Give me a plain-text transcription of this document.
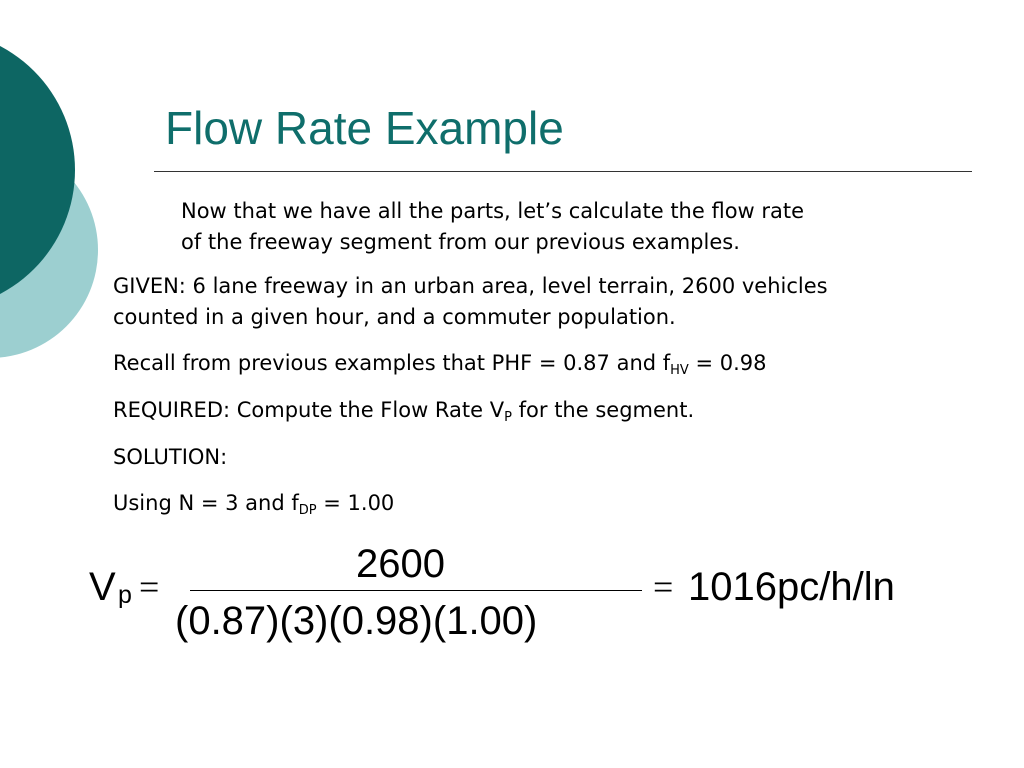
Flow Rate Example
Now that we have all the parts, let’s calculate the flow rate
of the freeway segment from our previous examples.
GIVEN: 6 lane freeway in an urban area, level terrain, 2600 vehicles
counted in a given hour, and a commuter population.
Recall from previous examples that PHF = 0.87 and $f_{HV} = 0.98$
REQUIRED: Compute the Flow Rate $V_P$ for the segment.
SOLUTION:
Using N = 3 and $f_{DP} = 1.00$
V p =
2600
(0.87)(3)(0.98)(1.00)
= 1016pc/h/ln
